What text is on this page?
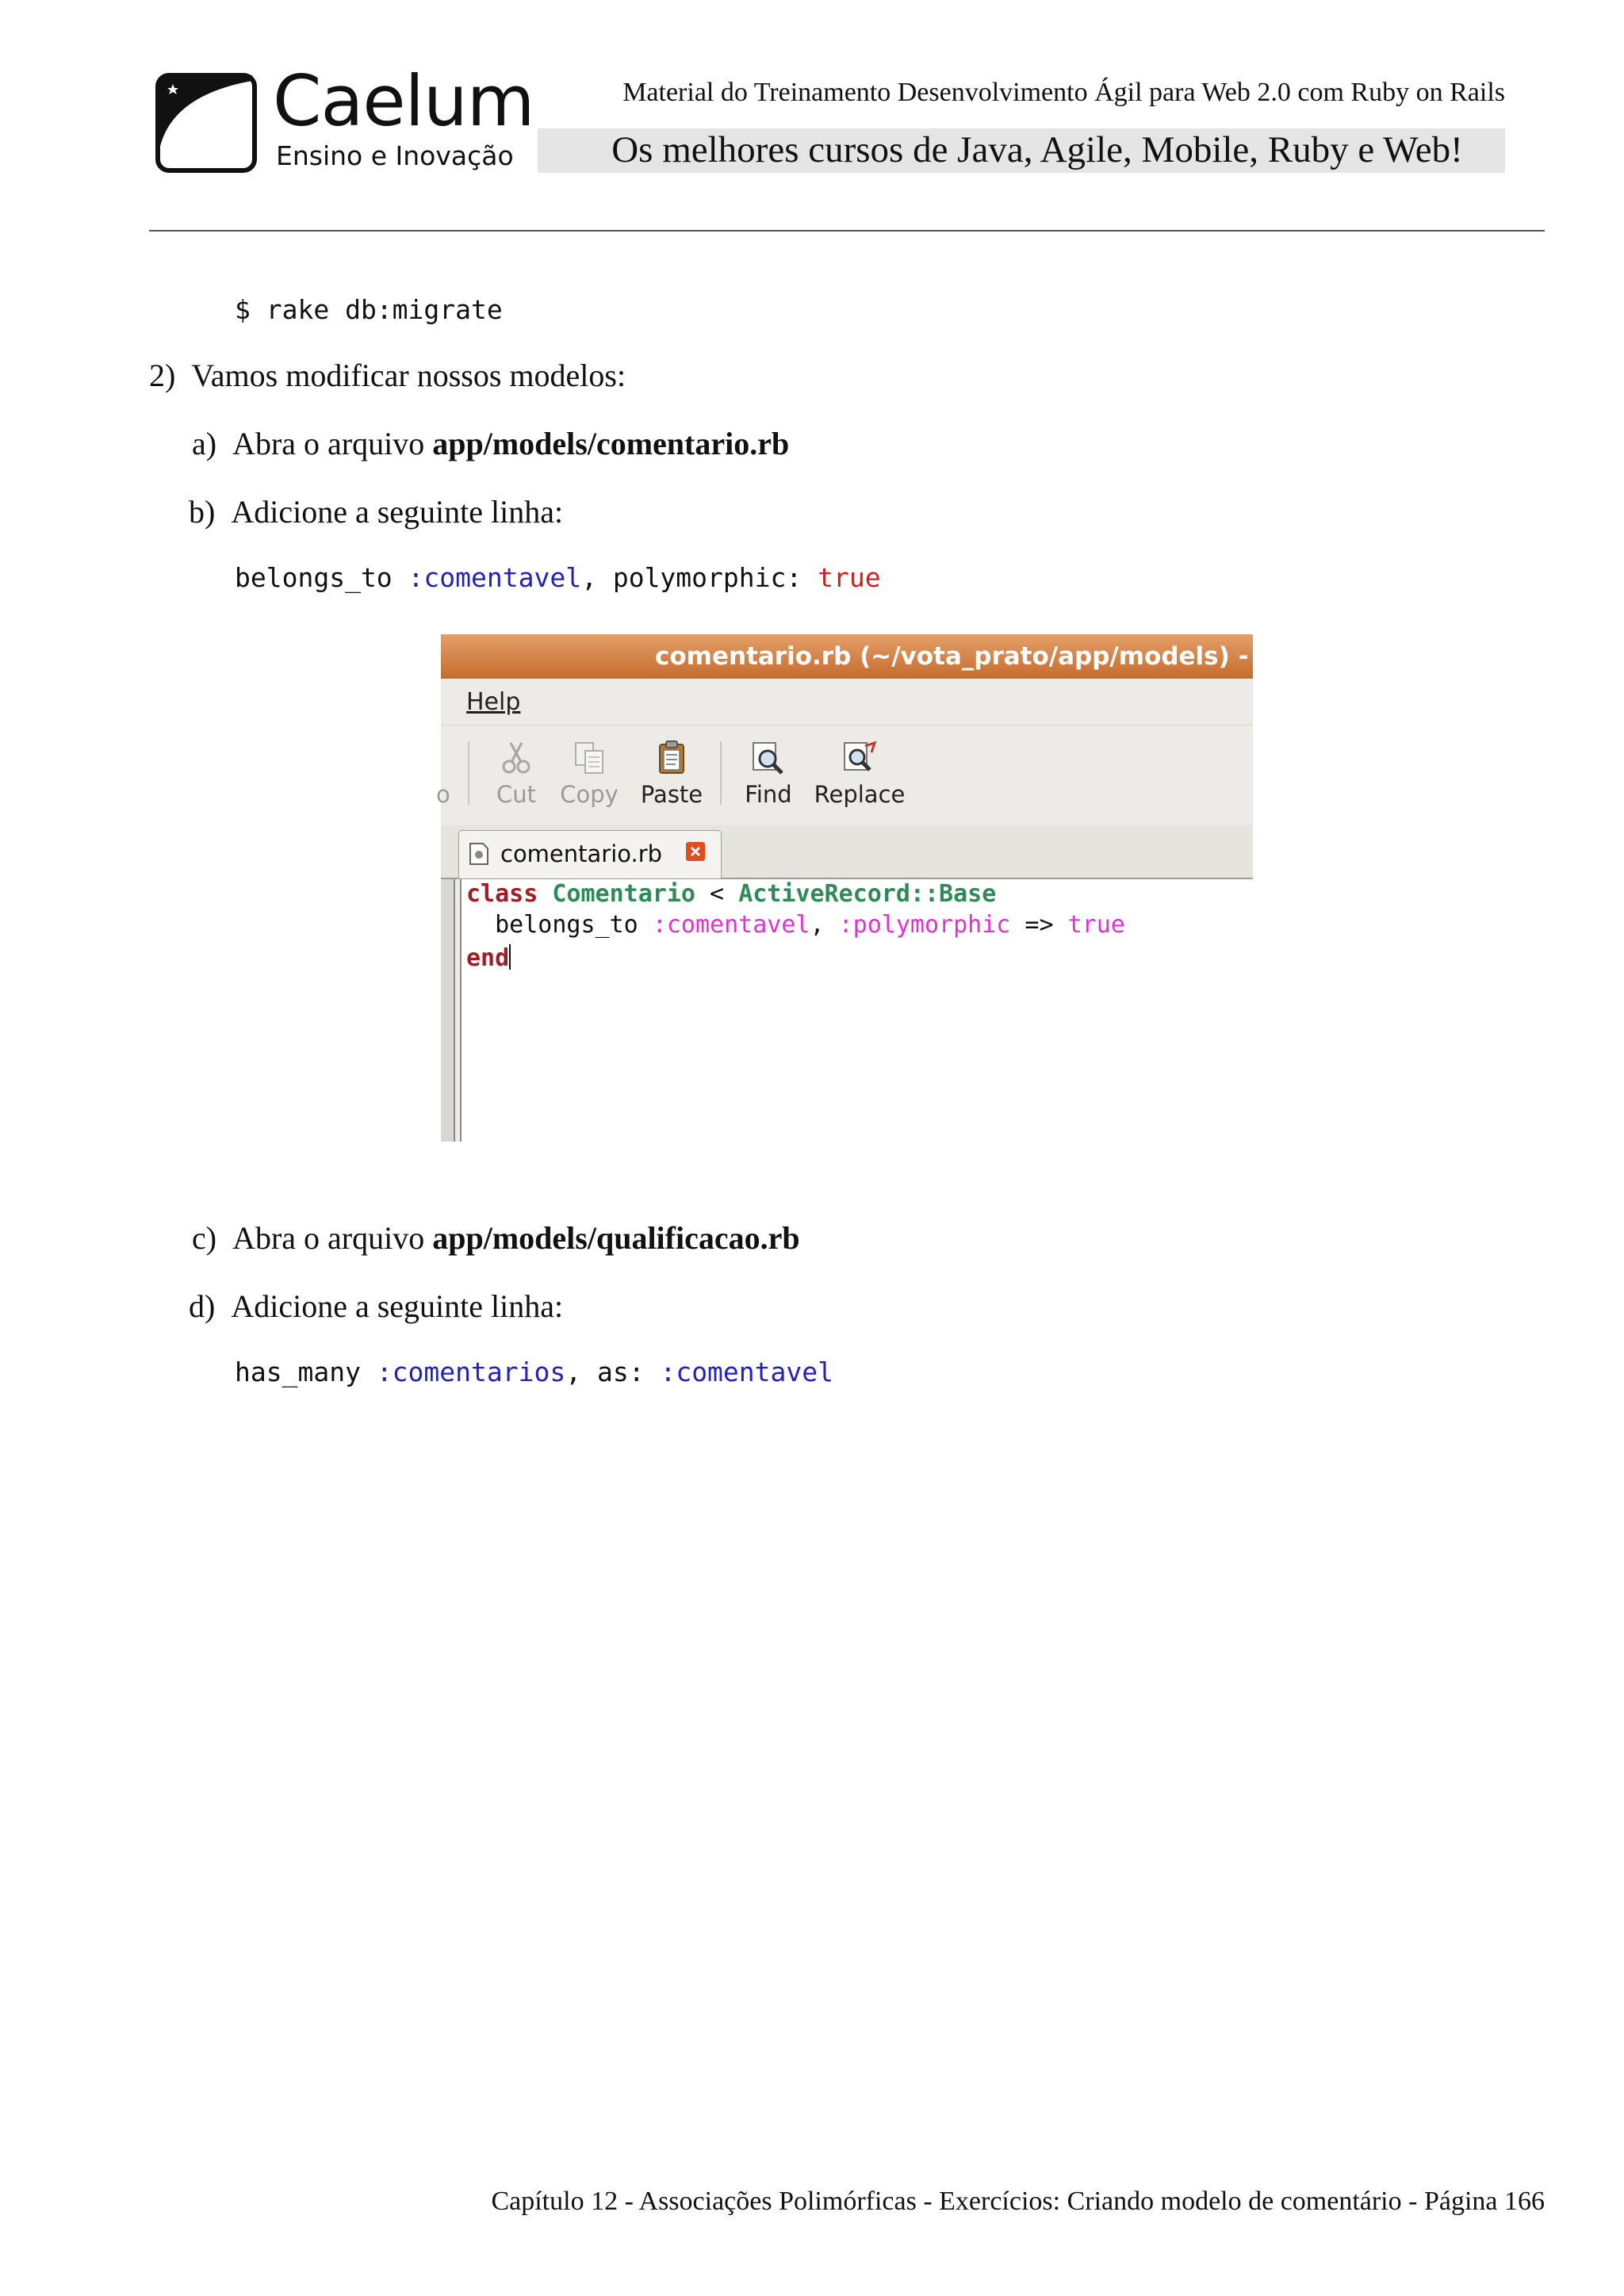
Caelum
Ensino e Inovação
Material do Treinamento Desenvolvimento Ágil para Web 2.0 com Ruby on Rails
Os melhores cursos de Java, Agile, Mobile, Ruby e Web!
$ rake db:migrate
2) Vamos modificar nossos modelos:
a) Abra o arquivo app/models/comentario.rb
b) Adicione a seguinte linha:
belongs_to :comentavel, polymorphic: true
comentario.rb (~/vota_prato/app/models) - g
Help
o	Cut	Copy Paste	Find Replace
comentario.rb
class Comentario < ActiveRecord::Base
belongs_to :comentavel, :polymorphic => true
end
c) Abra o arquivo app/models/qualificacao.rb
d) Adicione a seguinte linha:
has_many :comentarios, as: :comentavel
Capítulo 12 - Associações Polimórficas - Exercícios: Criando modelo de comentário - Página 166
